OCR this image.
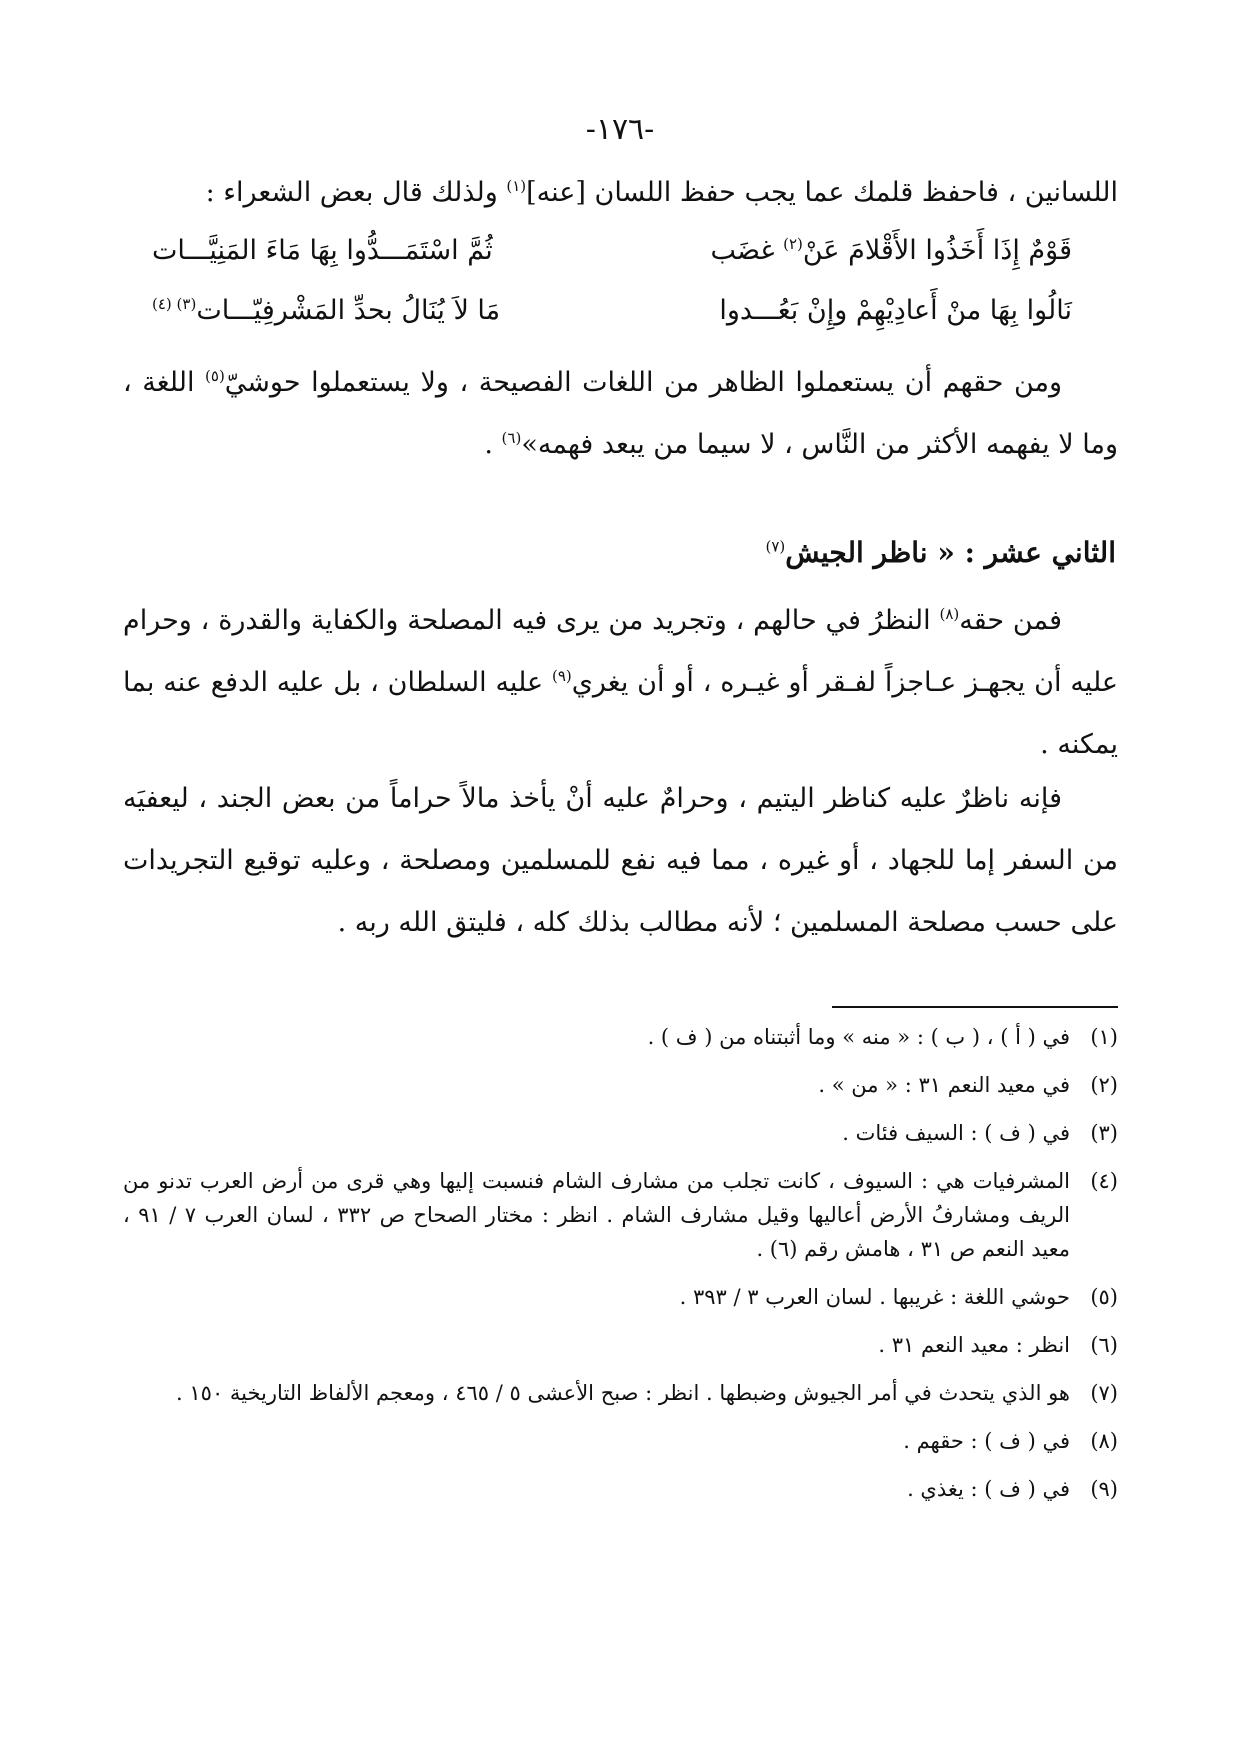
-١٧٦-

اللسانين ، فاحفظ قلمك عما يجب حفظ اللسان [عنه]$^{(١)}$ ولذلك قال بعض الشعراء :

قَوْمٌ إِذَا أَخَذُوا الأَقْلامَ عَنْ$^{(٢)}$ غضَب
ثُمَّ اسْتَمَـــدُّوا بِهَا مَاءَ المَنِيَّـــات
نَالُوا بِهَا منْ أَعادِيْهِمْ وإِنْ بَعُـــدوا
مَا لاَ يُنَالُ بحدِّ المَشْرفِيّـــات$^{(٣) (٤)}$

ومن حقهم أن يستعملوا الظاهر من اللغات الفصيحة ، ولا يستعملوا حوشيّ$^{(٥)}$ اللغة ، وما لا يفهمه الأكثر من النَّاس ، لا سيما من يبعد فهمه»$^{(٦)}$ .

الثاني عشر : « ناظر الجيش$^{(٧)}$

فمن حقه$^{(٨)}$ النظرُ في حالهم ، وتجريد من يرى فيه المصلحة والكفاية والقدرة ، وحرام عليه أن يجهـز عـاجزاً لفـقر أو غيـره ، أو أن يغري$^{(٩)}$ عليه السلطان ، بل عليه الدفع عنه بما يمكنه .

فإنه ناظرٌ عليه كناظر اليتيم ، وحرامٌ عليه أنْ يأخذ مالاً حراماً من بعض الجند ، ليعفيَه من السفر إما للجهاد ، أو غيره ، مما فيه نفع للمسلمين ومصلحة ، وعليه توقيع التجريدات على حسب مصلحة المسلمين ؛ لأنه مطالب بذلك كله ، فليتق الله ربه .

(١)
في ( أ ) ، ( ب ) : « منه » وما أثبتناه من ( ف ) .
(٢)
في معيد النعم ٣١ : « من » .
(٣)
في ( ف ) : السيف فئات .
(٤)
المشرفيات هي : السيوف ، كانت تجلب من مشارف الشام فنسبت إليها وهي قرى من أرض العرب تدنو من الريف ومشارفُ الأرض أعاليها وقيل مشارف الشام . انظر : مختار الصحاح ص ٣٣٢ ، لسان العرب ٧ / ٩١ ، معيد النعم ص ٣١ ، هامش رقم (٦) .
(٥)
حوشي اللغة : غريبها . لسان العرب ٣ / ٣٩٣ .
(٦)
انظر : معيد النعم ٣١ .
(٧)
هو الذي يتحدث في أمر الجيوش وضبطها . انظر : صبح الأعشى ٥ / ٤٦٥ ، ومعجم الألفاظ التاريخية ١٥٠ .
(٨)
في ( ف ) : حقهم .
(٩)
في ( ف ) : يغذي .
